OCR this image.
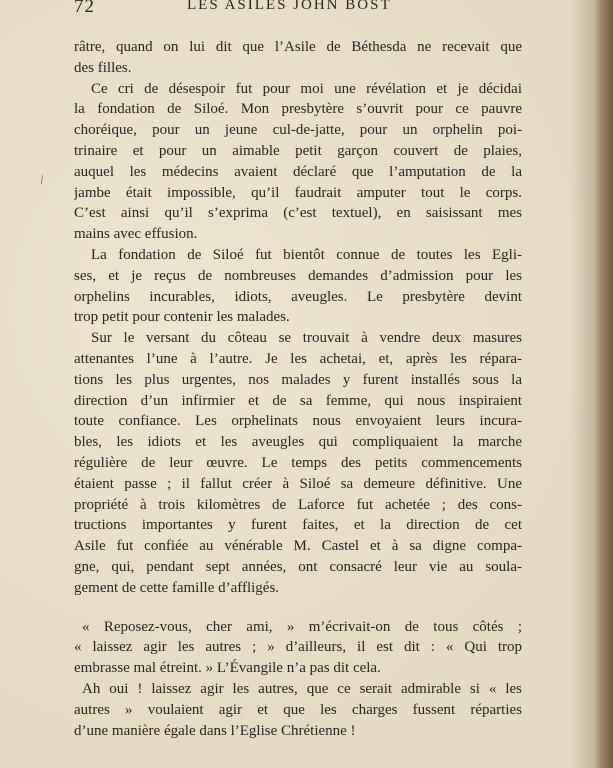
72	LES ASILES JOHN BOST
\
râtre, quand on lui dit que l’Asile de Béthesda ne recevait que
des filles.
Ce cri de désespoir fut pour moi une révélation et je décidai
la fondation de Siloé. Mon presbytère s’ouvrit pour ce pauvre
choréique, pour un jeune cul-de-jatte, pour un orphelin poi-
trinaire et pour un aimable petit garçon couvert de plaies,
auquel les médecins avaient déclaré que l’amputation de la
jambe était impossible, qu’il faudrait amputer tout le corps.
C’est ainsi qu’il s’exprima (c’est textuel), en saisissant mes
mains avec effusion.
La fondation de Siloé fut bientôt connue de toutes les Egli-
ses, et je reçus de nombreuses demandes d’admission pour les
orphelins incurables, idiots, aveugles. Le presbytère devint
trop petit pour contenir les malades.
Sur le versant du côteau se trouvait à vendre deux masures
attenantes l’une à l’autre. Je les achetai, et, après les répara-
tions les plus urgentes, nos malades y furent installés sous la
direction d’un infirmier et de sa femme, qui nous inspiraient
toute confiance. Les orphelinats nous envoyaient leurs incura-
bles, les idiots et les aveugles qui compliquaient la marche
régulière de leur œuvre. Le temps des petits commencements
étaient passe ; il fallut créer à Siloé sa demeure définitive. Une
propriété à trois kilomètres de Laforce fut achetée ; des cons-
tructions importantes y furent faites, et la direction de cet
Asile fut confiée au vénérable M. Castel et à sa digne compa-
gne, qui, pendant sept années, ont consacré leur vie au soula-
gement de cette famille d’affligés.
« Reposez-vous, cher ami, » m’écrivait-on de tous côtés ;
« laissez agir les autres ; » d’ailleurs, il est dit : « Qui trop
embrasse mal étreint. » L’Évangile n’a pas dit cela.
Ah oui ! laissez agir les autres, que ce serait admirable si « les
autres » voulaient agir et que les charges fussent réparties
d’une manière égale dans l’Eglise Chrétienne !
